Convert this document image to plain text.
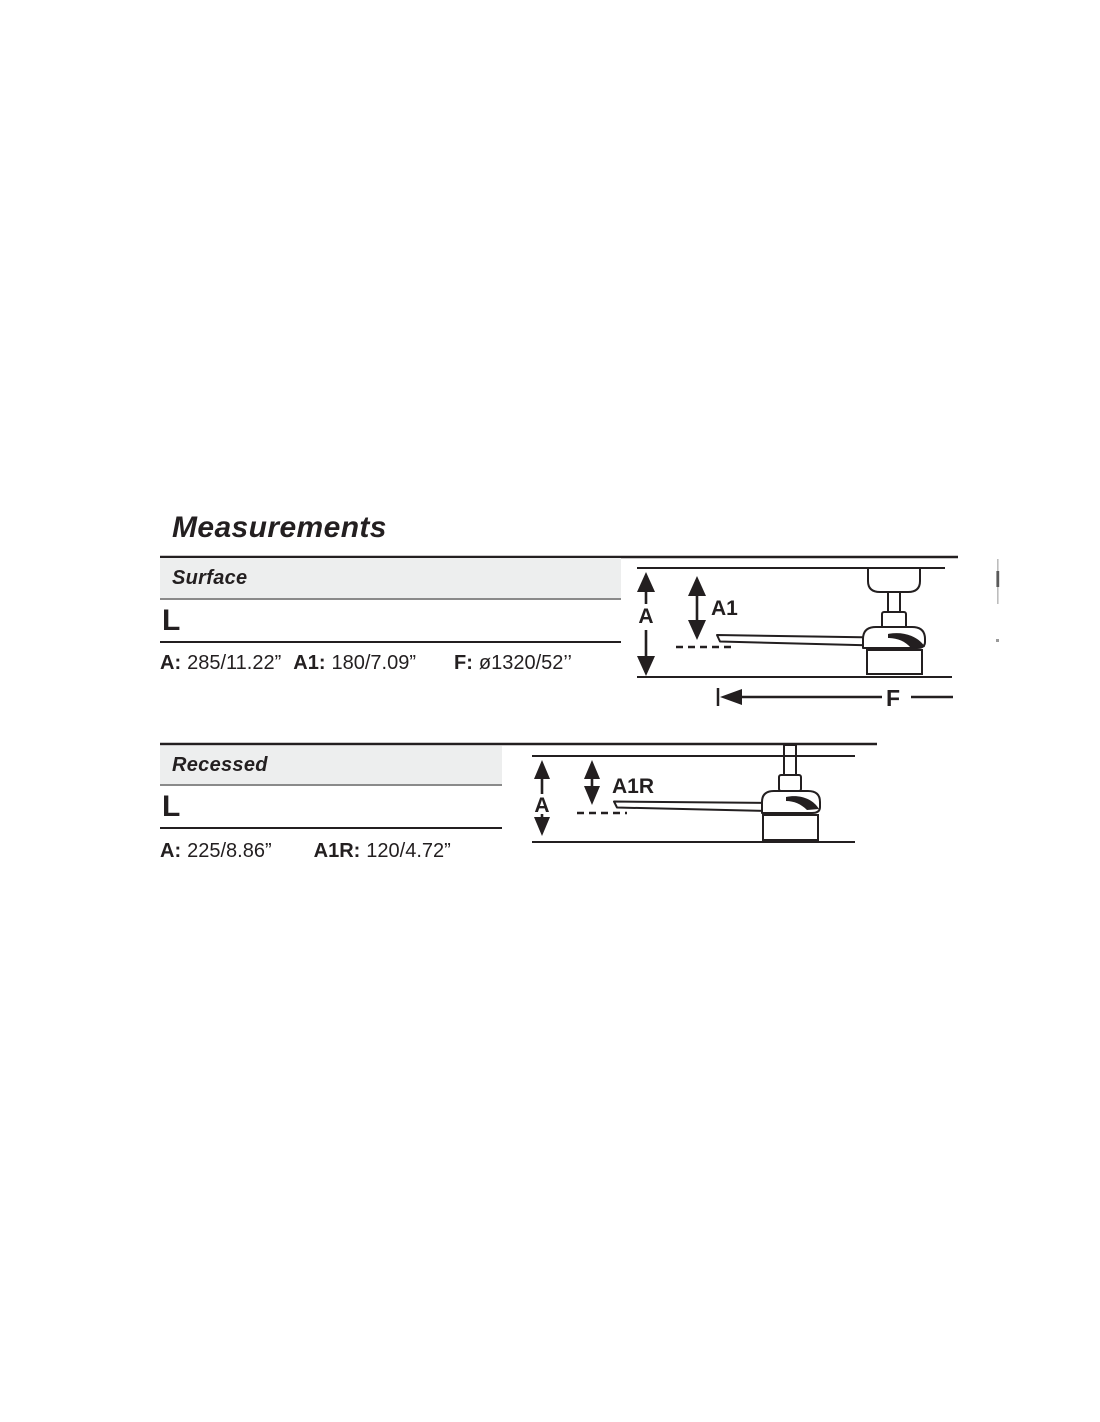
Measurements
A	A1
F
A
A1R
Surface
L
A: 285/11.22” A1: 180/7.09” F: ø1320/52’’
Recessed
L
A: 225/8.86” A1R: 120/4.72”
